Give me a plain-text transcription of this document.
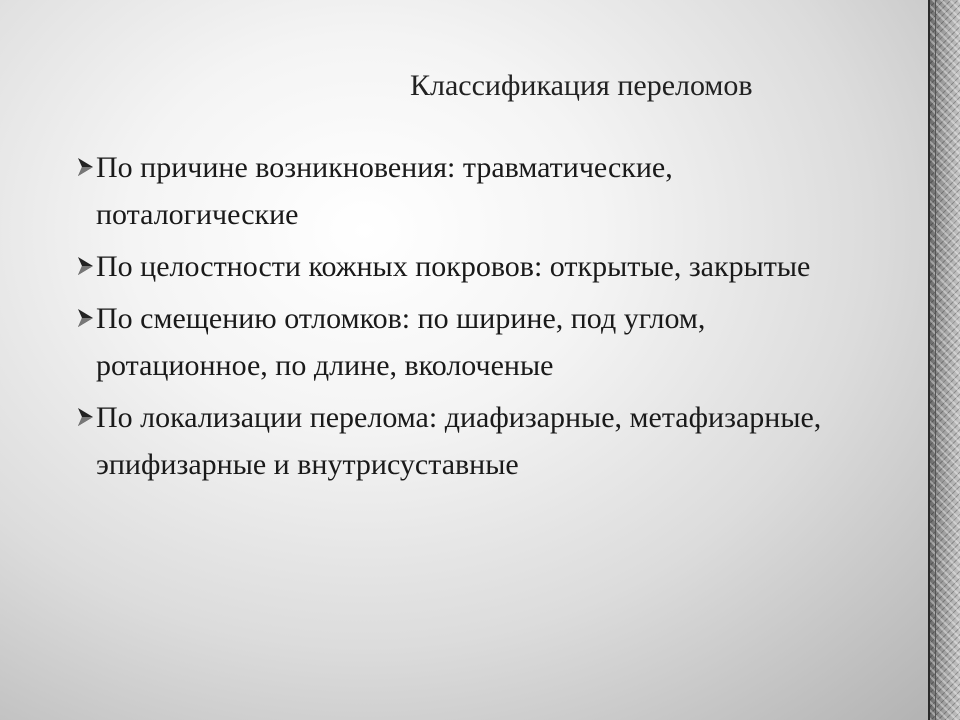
Классификация переломов
По причине возникновения: травматические, поталогические
По целостности кожных покровов: открытые, закрытые
По смещению отломков: по ширине, под углом, ротационное, по длине, вколоченые
По локализации перелома: диафизарные, метафизарные, эпифизарные и внутрисуставные
